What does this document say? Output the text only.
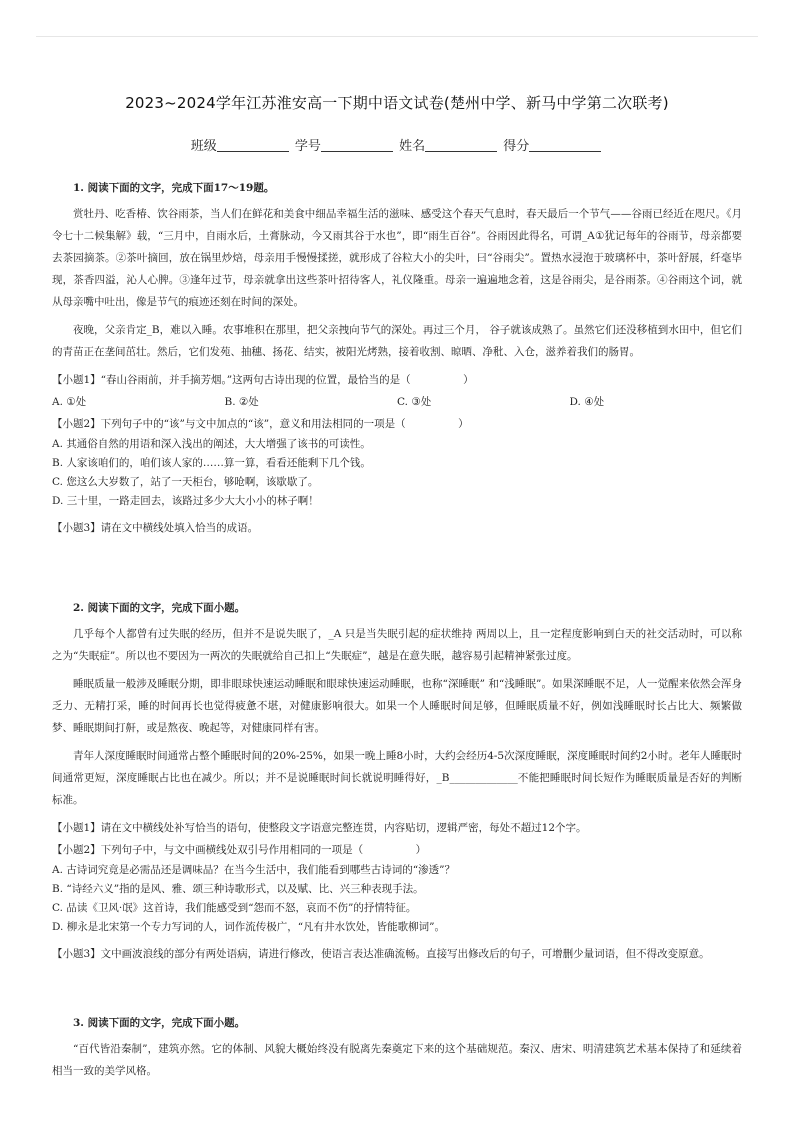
2023~2024学年江苏淮安高一下期中语文试卷(楚州中学、新马中学第二次联考)
班级	学号	姓名	得分
1. 阅读下面的文字，完成下面17～19题。

赏牡丹、吃香椿、饮谷雨茶，当人们在鲜花和美食中细品幸福生活的滋味、感受这个春天气息时，春天最后一个节气——谷雨已经近在咫尺。《月令七十二候集解》载，“三月中，自雨水后，土膏脉动，今又雨其谷于水也”，即“雨生百谷”。谷雨因此得名，可谓_A①犹记每年的谷雨节，母亲都要去茶园摘茶。②茶叶摘回，放在锅里炒焙，母亲用手慢慢揉搓，就形成了谷粒大小的尖叶，曰“谷雨尖”。置热水浸泡于玻璃杯中，茶叶舒展，纤毫毕现，茶香四溢，沁人心脾。③逢年过节，母亲就拿出这些茶叶招待客人，礼仪隆重。母亲一遍遍地念着，这是谷雨尖，是谷雨茶。④谷雨这个词，就从母亲嘴中吐出，像是节气的痕迹还刻在时间的深处。

夜晚，父亲肯定_B，难以入睡。农事堆积在那里，把父亲拽向节气的深处。再过三个月， 谷子就该成熟了。虽然它们还没移植到水田中，但它们的青苗正在垄间茁壮。然后，它们发苑、抽穗、扬花、结实，被阳光烤熟，接着收割、晾晒、净秕、入仓，滋养着我们的肠胃。

【小题1】“春山谷雨前，并手摘芳烟。”这两句古诗出现的位置，最恰当的是（　　　　　）
A. ①处	B. ②处	C. ③处	D. ④处
【小题2】下列句子中的“该”与文中加点的“该”，意义和用法相同的一项是（　　　　　）
A. 其通俗自然的用语和深入浅出的阐述，大大增强了该书的可读性。
B. 人家该咱们的，咱们该人家的……算一算，看看还能剩下几个钱。
C. 您这么大岁数了，站了一天柜台，够呛啊，该歇歇了。
D. 三十里，一路走回去，该路过多少大大小小的林子啊！
【小题3】请在文中横线处填入恰当的成语。
2. 阅读下面的文字，完成下面小题。

几乎每个人都曾有过失眠的经历，但并不是说失眠了，_A 只是当失眠引起的症状维持 两周以上，且一定程度影响到白天的社交活动时，可以称之为“失眠症”。所以也不要因为一两次的失眠就给自己扣上“失眠症”，越是在意失眠，越容易引起精神紧张过度。

睡眠质量一般涉及睡眠分期，即非眼球快速运动睡眠和眼球快速运动睡眠，也称“深睡眠” 和“浅睡眠”。如果深睡眠不足，人一觉醒来依然会浑身乏力、无精打采，睡的时间再长也觉得疲惫不堪，对健康影响很大。如果一个人睡眠时间足够，但睡眠质量不好，例如浅睡眠时长占比大、频繁做梦、睡眠期间打鼾，或是熬夜、晚起等，对健康同样有害。

青年人深度睡眠时间通常占整个睡眠时间的20%-25%，如果一晚上睡8小时，大约会经历4-5次深度睡眠，深度睡眠时间约2小时。老年人睡眠时间通常更短，深度睡眠占比也在减少。所以；并不是说睡眠时间长就说明睡得好，_B_____________不能把睡眠时间长短作为睡眠质量是否好的判断标准。

【小题1】请在文中横线处补写恰当的语句，使整段文字语意完整连贯，内容贴切，逻辑严密，每处不超过12个字。
【小题2】下列句子中，与文中画横线处双引号作用相同的一项是（　　　　　）
A. 古诗词究竟是必需品还是调味品？在当今生活中，我们能看到哪些古诗词的“渗透”？
B. “诗经六义”指的是风、雅、颂三种诗歌形式，以及赋、比、兴三种表现手法。
C. 品读《卫风·氓》这首诗，我们能感受到“怨而不怒，哀而不伤”的抒情特征。
D. 柳永是北宋第一个专力写词的人，词作流传极广，“凡有井水饮处，皆能歌柳词”。
【小题3】文中画波浪线的部分有两处语病，请进行修改，使语言表达准确流畅。直接写出修改后的句子，可增删少量词语，但不得改变原意。
3. 阅读下面的文字，完成下面小题。

“百代皆沿秦制”，建筑亦然。它的体制、风貌大概始终没有脱离先秦奠定下来的这个基础规范。秦汉、唐宋、明清建筑艺术基本保持了和延续着相当一致的美学风格。
